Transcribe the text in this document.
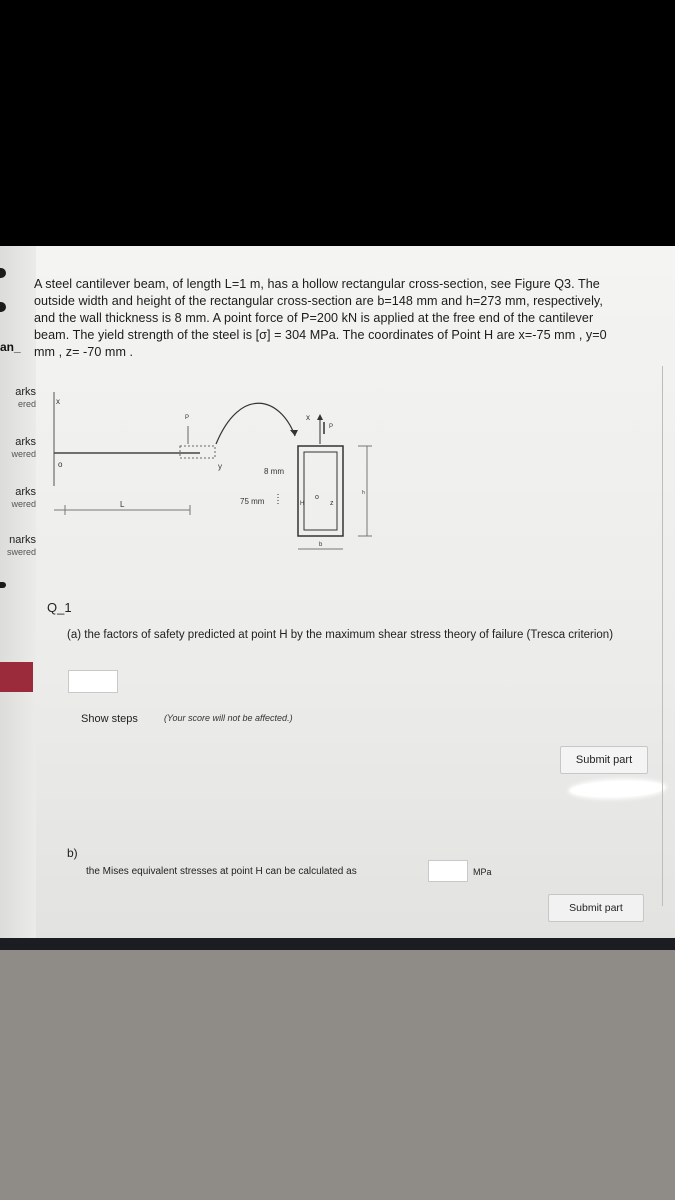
an_
arks
ered
arks
wered
arks
wered
narks
swered
A steel cantilever beam, of length L=1 m, has a hollow rectangular cross-section, see Figure Q3. The
outside width and height of the rectangular cross-section are b=148 mm and h=273 mm, respectively,
and the wall thickness is 8 mm. A point force of P=200 kN is applied at the free end of the cantilever
beam. The yield strength of the steel is [σ] = 304 MPa. The coordinates of Point H are x=-75 mm , y=0
mm , z= -70 mm .
x
o
L
P
y
x
P
8 mm
75 mm	H
o
z
b
h
Q_1
(a) the factors of safety predicted at point H by the maximum shear stress theory of failure (Tresca criterion)
Show steps	(Your score will not be affected.)
Submit part
b)
the Mises equivalent stresses at point H can be calculated as	MPa
Submit part
